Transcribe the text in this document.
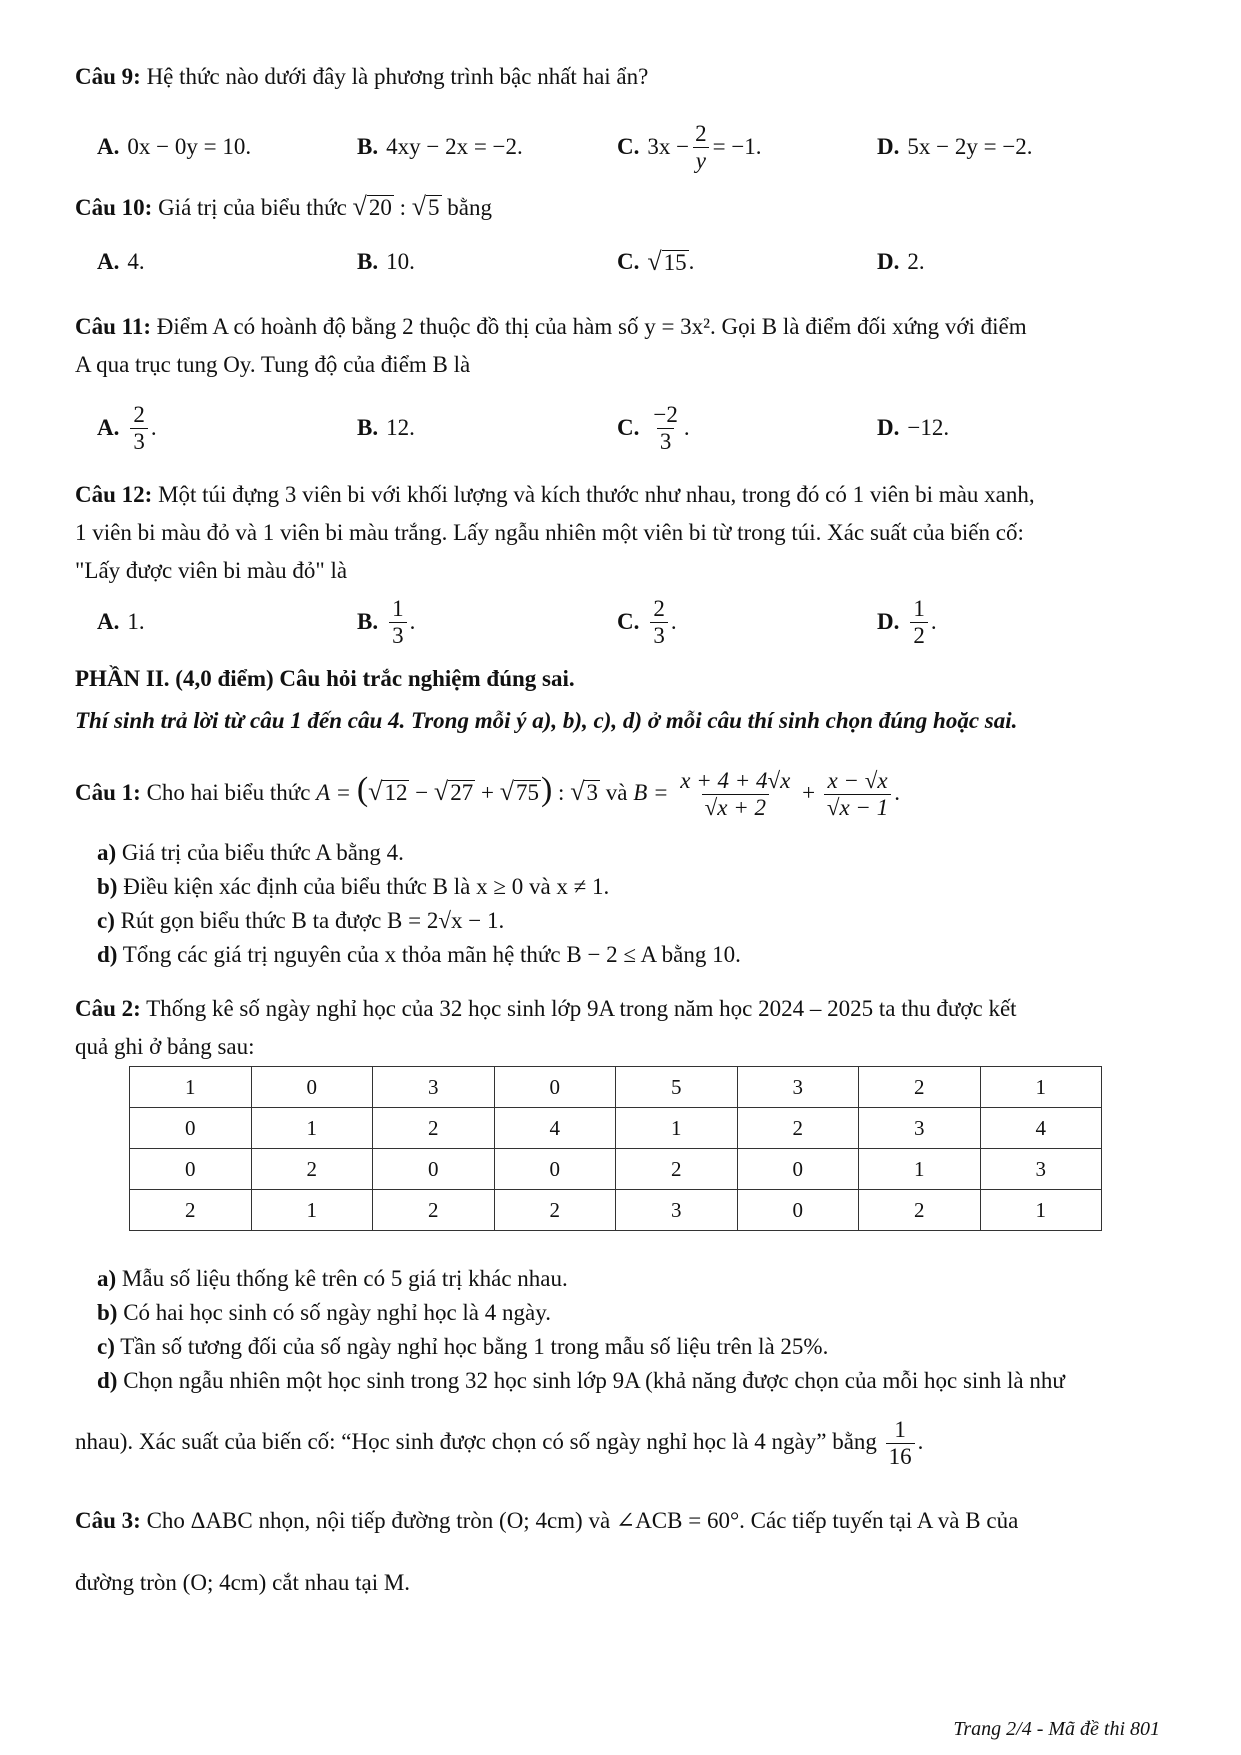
Câu 9: Hệ thức nào dưới đây là phương trình bậc nhất hai ẩn?
A. 0x − 0y = 10.	B. 4xy − 2x = −2.	C. $3x - \frac{2}{y} = -1$.	D. 5x − 2y = −2.
Câu 10: Giá trị của biểu thức √20 : √5 bằng
A. 4.	B. 10.	C. √ 15 .	D. 2.
Câu 11: Điểm A có hoành độ bằng 2 thuộc đồ thị của hàm số y = 3x². Gọi B là điểm đối xứng với điểm
A qua trục tung Oy. Tung độ của điểm B là
A. $\frac{2}{3}$ .	B. 12.	C. $\frac{-2}{3}$ .	D. −12.
Câu 12: Một túi đựng 3 viên bi với khối lượng và kích thước như nhau, trong đó có 1 viên bi màu xanh,
1 viên bi màu đỏ và 1 viên bi màu trắng. Lấy ngẫu nhiên một viên bi từ trong túi. Xác suất của biến cố:
"Lấy được viên bi màu đỏ" là
A. 1.	B. $\frac{1}{3}$ .	C. $\frac{2}{3}$ .	D. $\frac{1}{2}$ .
PHẦN II. (4,0 điểm) Câu hỏi trắc nghiệm đúng sai.
Thí sinh trả lời từ câu 1 đến câu 4. Trong mỗi ý a), b), c), d) ở mỗi câu thí sinh chọn đúng hoặc sai.
Câu 1: Cho hai biểu thức A = (√12 − √27 + √75) : √3 và $B = \frac{x + 4 + 4√x}{√x + 2} + \frac{x - √x}{√x - 1}$ .
a) Giá trị của biểu thức A bằng 4.
b) Điều kiện xác định của biểu thức B là x ≥ 0 và x ≠ 1.
c) Rút gọn biểu thức B ta được B = 2√x − 1.
d) Tổng các giá trị nguyên của x thỏa mãn hệ thức B − 2 ≤ A bằng 10.
Câu 2: Thống kê số ngày nghỉ học của 32 học sinh lớp 9A trong năm học 2024 – 2025 ta thu được kết
quả ghi ở bảng sau:
1	0	3	0	5	3	2	1
0	1	2	4	1	2	3	4
0	2	0	0	2	0	1	3
2	1	2	2	3	0	2	1
a) Mẫu số liệu thống kê trên có 5 giá trị khác nhau.
b) Có hai học sinh có số ngày nghỉ học là 4 ngày.
c) Tần số tương đối của số ngày nghỉ học bằng 1 trong mẫu số liệu trên là 25%.
d) Chọn ngẫu nhiên một học sinh trong 32 học sinh lớp 9A (khả năng được chọn của mỗi học sinh là như
nhau). Xác suất của biến cố: “Học sinh được chọn có số ngày nghỉ học là 4 ngày” bằng $\frac{1}{16}$ .
Câu 3: Cho ΔABC nhọn, nội tiếp đường tròn (O; 4cm) và ∠ACB = 60°. Các tiếp tuyến tại A và B của
đường tròn (O; 4cm) cắt nhau tại M.
Trang 2/4 - Mã đề thi 801
